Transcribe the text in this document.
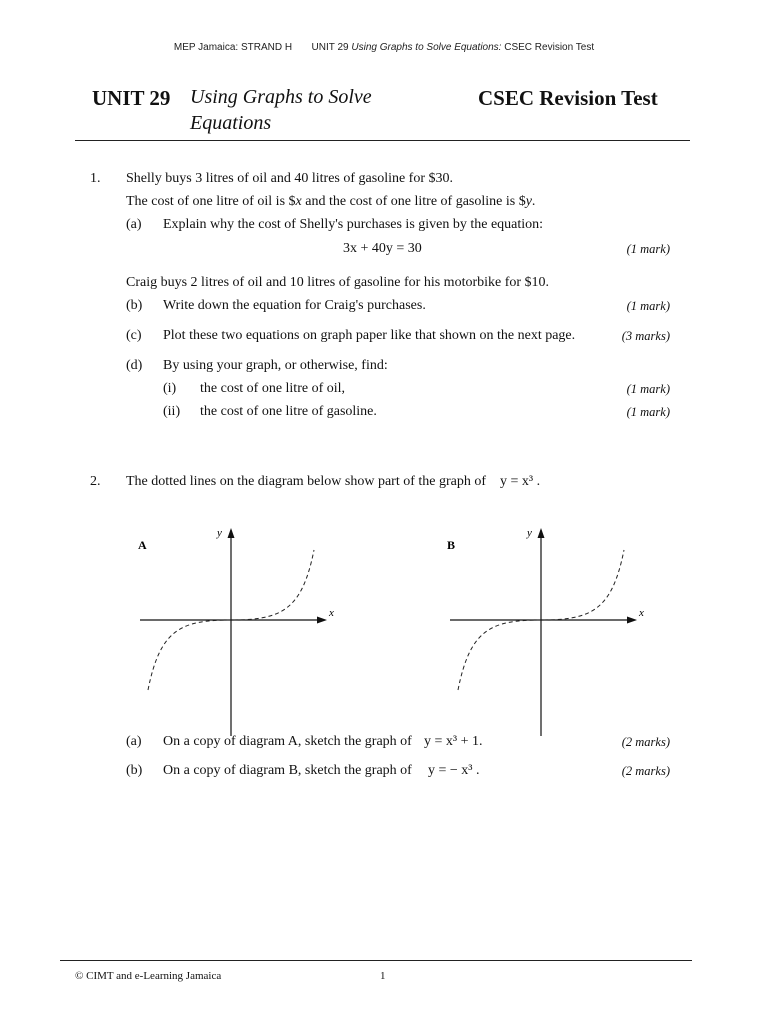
MEP Jamaica: STRAND H UNIT 29 Using Graphs to Solve Equations: CSEC Revision Test
UNIT 29 Using Graphs to Solve
Equations
CSEC Revision Test
1. Shelly buys 3 litres of oil and 40 litres of gasoline for $30.
The cost of one litre of oil is $x and the cost of one litre of gasoline is $y.
(a) Explain why the cost of Shelly's purchases is given by the equation:
3x + 40y = 30	(1 mark)
Craig buys 2 litres of oil and 10 litres of gasoline for his motorbike for $10.
(b) Write down the equation for Craig's purchases.	(1 mark)
(c) Plot these two equations on graph paper like that shown on the next page.	(3 marks)
(d) By using your graph, or otherwise, find:
(i) the cost of one litre of oil,	(1 mark)
(ii) the cost of one litre of gasoline.	(1 mark)
2. The dotted lines on the diagram below show part of the graph of y = x³ .
A
y
x
B
y
x
(a) On a copy of diagram A, sketch the graph of y = x³ + 1.	(2 marks)
(b) On a copy of diagram B, sketch the graph of y = − x³ .	(2 marks)
© CIMT and e-Learning Jamaica	1
